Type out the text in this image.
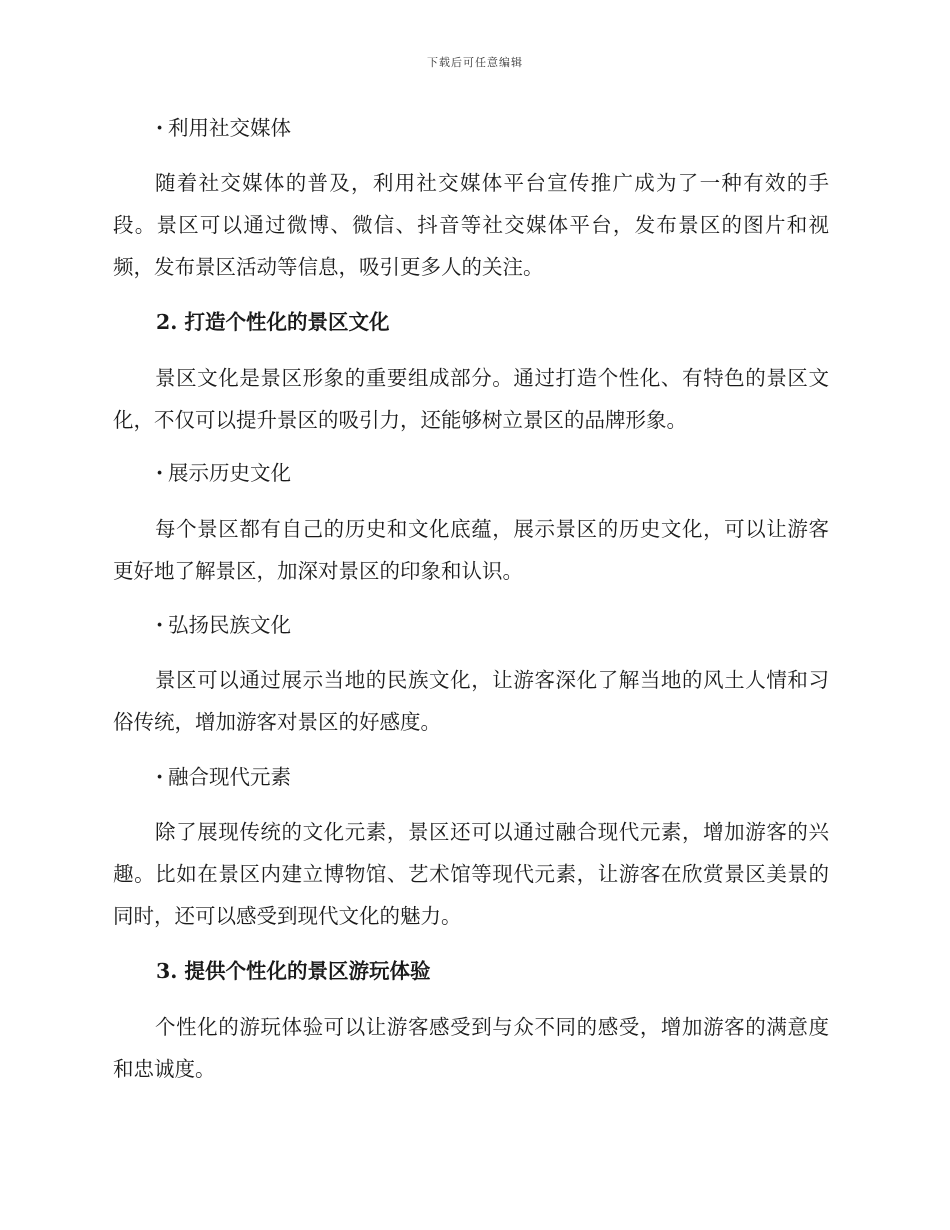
下载后可任意编辑
· 利用社交媒体

随着社交媒体的普及，利用社交媒体平台宣传推广成为了一种有效的手段。景区可以通过微博、微信、抖音等社交媒体平台，发布景区的图片和视频，发布景区活动等信息，吸引更多人的关注。

2. 打造个性化的景区文化

景区文化是景区形象的重要组成部分。通过打造个性化、有特色的景区文化，不仅可以提升景区的吸引力，还能够树立景区的品牌形象。

· 展示历史文化

每个景区都有自己的历史和文化底蕴，展示景区的历史文化，可以让游客更好地了解景区，加深对景区的印象和认识。

· 弘扬民族文化

景区可以通过展示当地的民族文化，让游客深化了解当地的风土人情和习俗传统，增加游客对景区的好感度。

· 融合现代元素

除了展现传统的文化元素，景区还可以通过融合现代元素，增加游客的兴趣。比如在景区内建立博物馆、艺术馆等现代元素，让游客在欣赏景区美景的同时，还可以感受到现代文化的魅力。

3. 提供个性化的景区游玩体验

个性化的游玩体验可以让游客感受到与众不同的感受，增加游客的满意度和忠诚度。
